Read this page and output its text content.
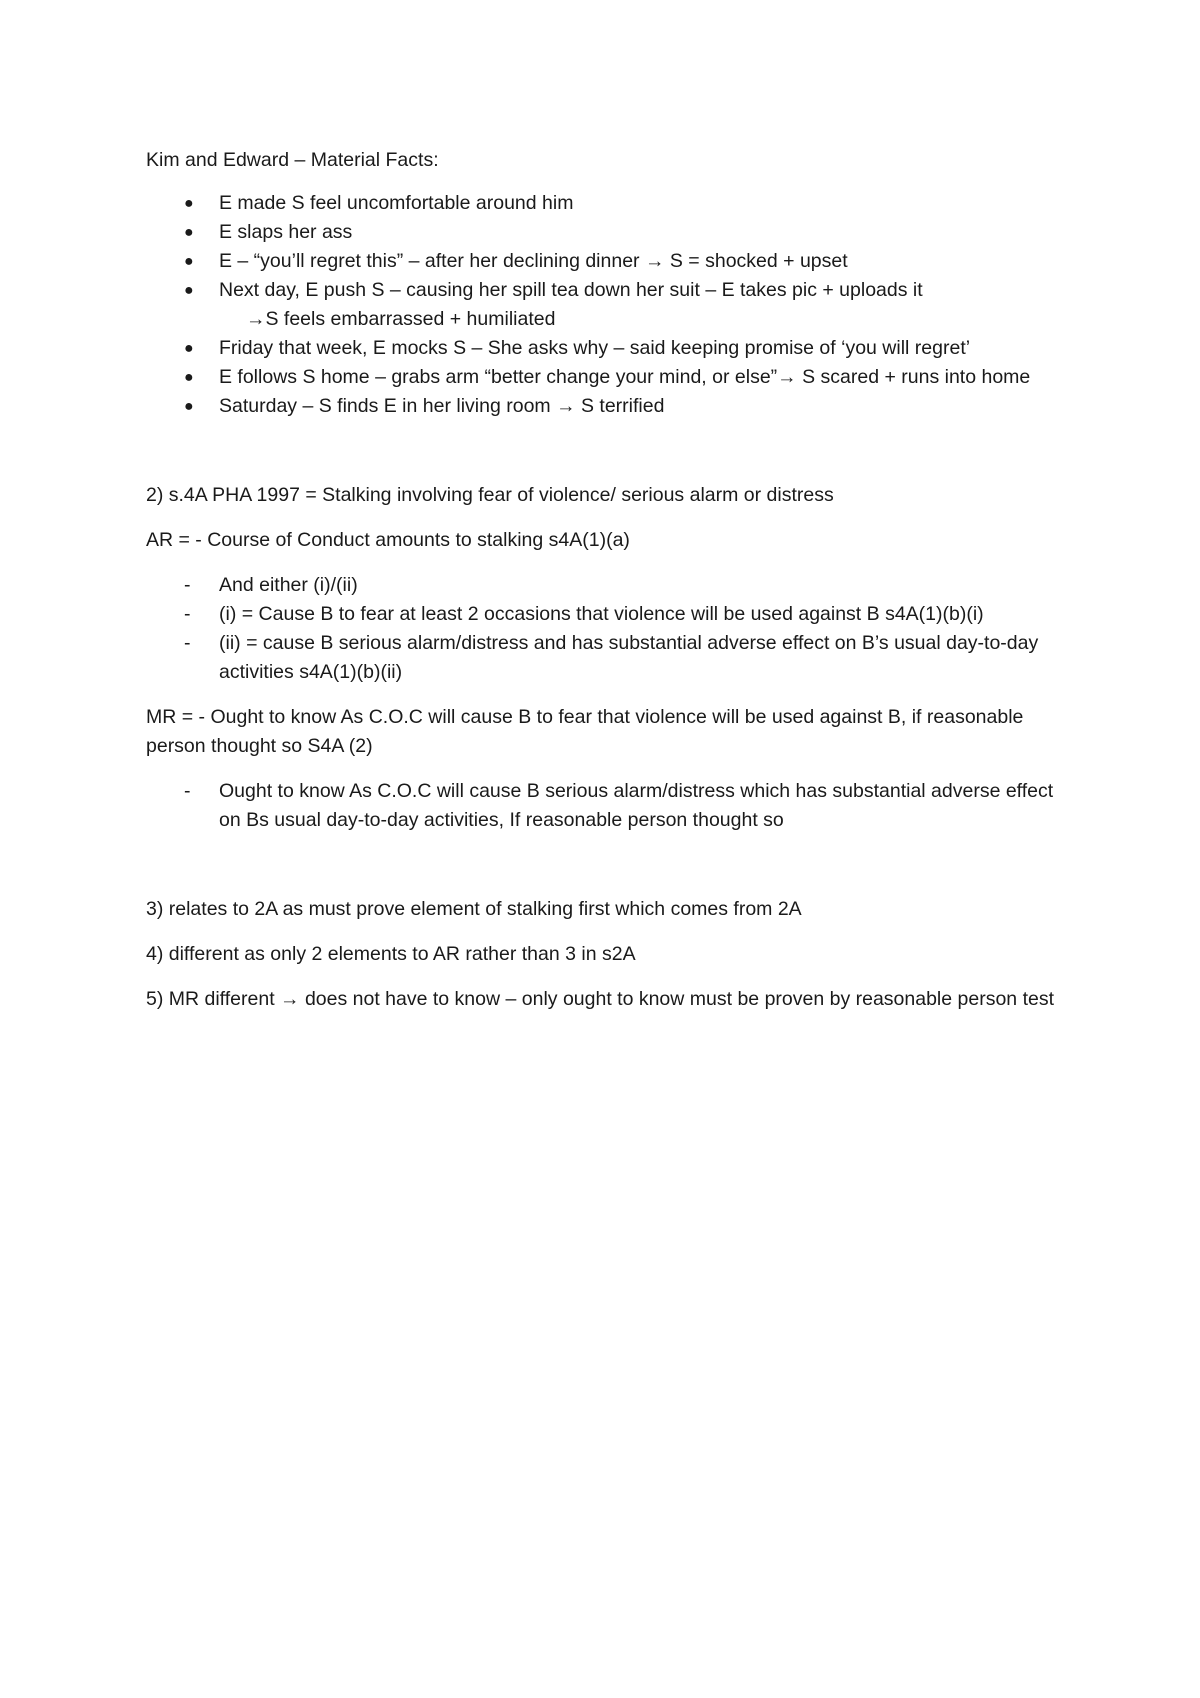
Kim and Edward – Material Facts:

● E made S feel uncomfortable around him
● E slaps her ass
● E – “you’ll regret this” – after her declining dinner → S = shocked + upset
● Next day, E push S – causing her spill tea down her suit – E takes pic + uploads it
→S feels embarrassed + humiliated
● Friday that week, E mocks S – She asks why – said keeping promise of ‘you will regret’
● E follows S home – grabs arm “better change your mind, or else”→ S scared + runs into home
● Saturday – S finds E in her living room → S terrified

2) s.4A PHA 1997 = Stalking involving fear of violence/ serious alarm or distress

AR = - Course of Conduct amounts to stalking s4A(1)(a)

- And either (i)/(ii)
- (i) = Cause B to fear at least 2 occasions that violence will be used against B s4A(1)(b)(i)
- (ii) = cause B serious alarm/distress and has substantial adverse effect on B’s usual day-to-day activities s4A(1)(b)(ii)

MR = - Ought to know As C.O.C will cause B to fear that violence will be used against B, if reasonable person thought so S4A (2)

- Ought to know As C.O.C will cause B serious alarm/distress which has substantial adverse effect on Bs usual day-to-day activities, If reasonable person thought so

3) relates to 2A as must prove element of stalking first which comes from 2A

4) different as only 2 elements to AR rather than 3 in s2A

5) MR different → does not have to know – only ought to know must be proven by reasonable person test
